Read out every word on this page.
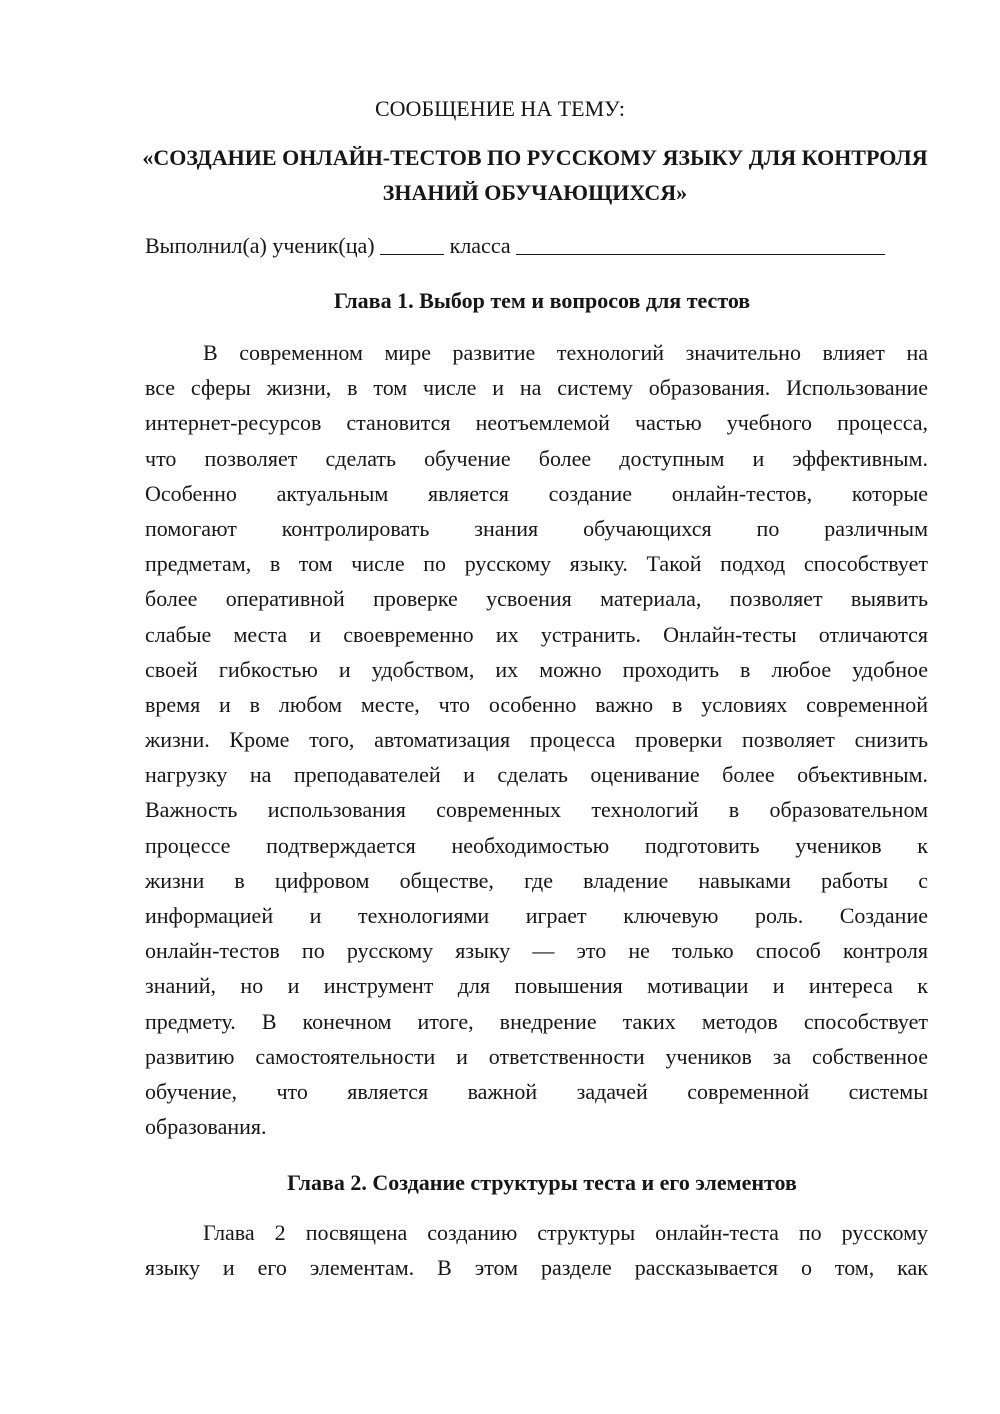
СООБЩЕНИЕ НА ТЕМУ:
«СОЗДАНИЕ ОНЛАЙН-ТЕСТОВ ПО РУССКОМУ ЯЗЫКУ ДЛЯ КОНТРОЛЯ ЗНАНИЙ ОБУЧАЮЩИХСЯ»
Выполнил(а) ученик(ца)	класса
Глава 1. Выбор тем и вопросов для тестов
В современном мире развитие технологий значительно влияет на
все сферы жизни, в том числе и на систему образования. Использование
интернет-ресурсов становится неотъемлемой частью учебного процесса,
что позволяет сделать обучение более доступным и эффективным.
Особенно актуальным является создание онлайн-тестов, которые
помогают контролировать знания обучающихся по различным
предметам, в том числе по русскому языку. Такой подход способствует
более оперативной проверке усвоения материала, позволяет выявить
слабые места и своевременно их устранить. Онлайн-тесты отличаются
своей гибкостью и удобством, их можно проходить в любое удобное
время и в любом месте, что особенно важно в условиях современной
жизни. Кроме того, автоматизация процесса проверки позволяет снизить
нагрузку на преподавателей и сделать оценивание более объективным.
Важность использования современных технологий в образовательном
процессе подтверждается необходимостью подготовить учеников к
жизни в цифровом обществе, где владение навыками работы с
информацией и технологиями играет ключевую роль. Создание
онлайн-тестов по русскому языку — это не только способ контроля
знаний, но и инструмент для повышения мотивации и интереса к
предмету. В конечном итоге, внедрение таких методов способствует
развитию самостоятельности и ответственности учеников за собственное
обучение, что является важной задачей современной системы
образования.
Глава 2. Создание структуры теста и его элементов
Глава 2 посвящена созданию структуры онлайн-теста по русскому
языку и его элементам. В этом разделе рассказывается о том, как
